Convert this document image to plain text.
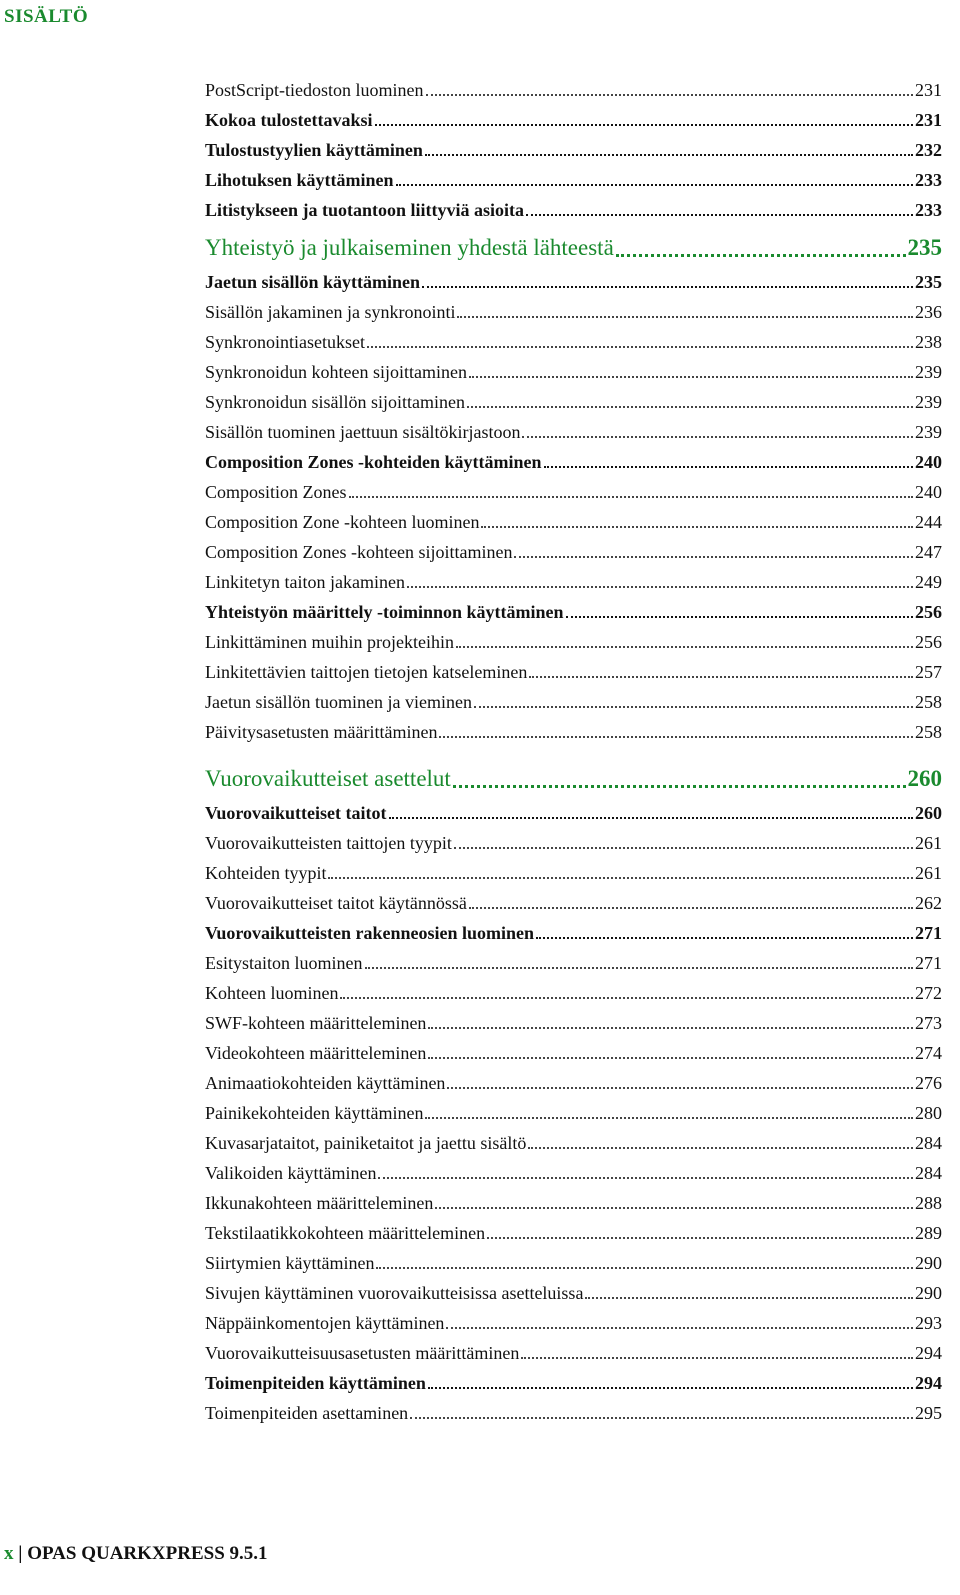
SISÄLTÖ
PostScript-tiedoston luominen	231
Kokoa tulostettavaksi	231
Tulostustyylien käyttäminen	232
Lihotuksen käyttäminen	233
Litistykseen ja tuotantoon liittyviä asioita	233
Yhteistyö ja julkaiseminen yhdestä lähteestä	235
Jaetun sisällön käyttäminen	235
Sisällön jakaminen ja synkronointi	236
Synkronointiasetukset	238
Synkronoidun kohteen sijoittaminen	239
Synkronoidun sisällön sijoittaminen	239
Sisällön tuominen jaettuun sisältökirjastoon	239
Composition Zones -kohteiden käyttäminen	240
Composition Zones	240
Composition Zone -kohteen luominen	244
Composition Zones -kohteen sijoittaminen	247
Linkitetyn taiton jakaminen	249
Yhteistyön määrittely -toiminnon käyttäminen	256
Linkittäminen muihin projekteihin	256
Linkitettävien taittojen tietojen katseleminen	257
Jaetun sisällön tuominen ja vieminen	258
Päivitysasetusten määrittäminen	258
Vuorovaikutteiset asettelut	260
Vuorovaikutteiset taitot	260
Vuorovaikutteisten taittojen tyypit	261
Kohteiden tyypit	261
Vuorovaikutteiset taitot käytännössä	262
Vuorovaikutteisten rakenneosien luominen	271
Esitystaiton luominen	271
Kohteen luominen	272
SWF-kohteen määritteleminen	273
Videokohteen määritteleminen	274
Animaatiokohteiden käyttäminen	276
Painikekohteiden käyttäminen	280
Kuvasarjataitot, painiketaitot ja jaettu sisältö	284
Valikoiden käyttäminen	284
Ikkunakohteen määritteleminen	288
Tekstilaatikkokohteen määritteleminen	289
Siirtymien käyttäminen	290
Sivujen käyttäminen vuorovaikutteisissa asetteluissa	290
Näppäinkomentojen käyttäminen	293
Vuorovaikutteisuusasetusten määrittäminen	294
Toimenpiteiden käyttäminen	294
Toimenpiteiden asettaminen	295
x | OPAS QUARKXPRESS 9.5.1
